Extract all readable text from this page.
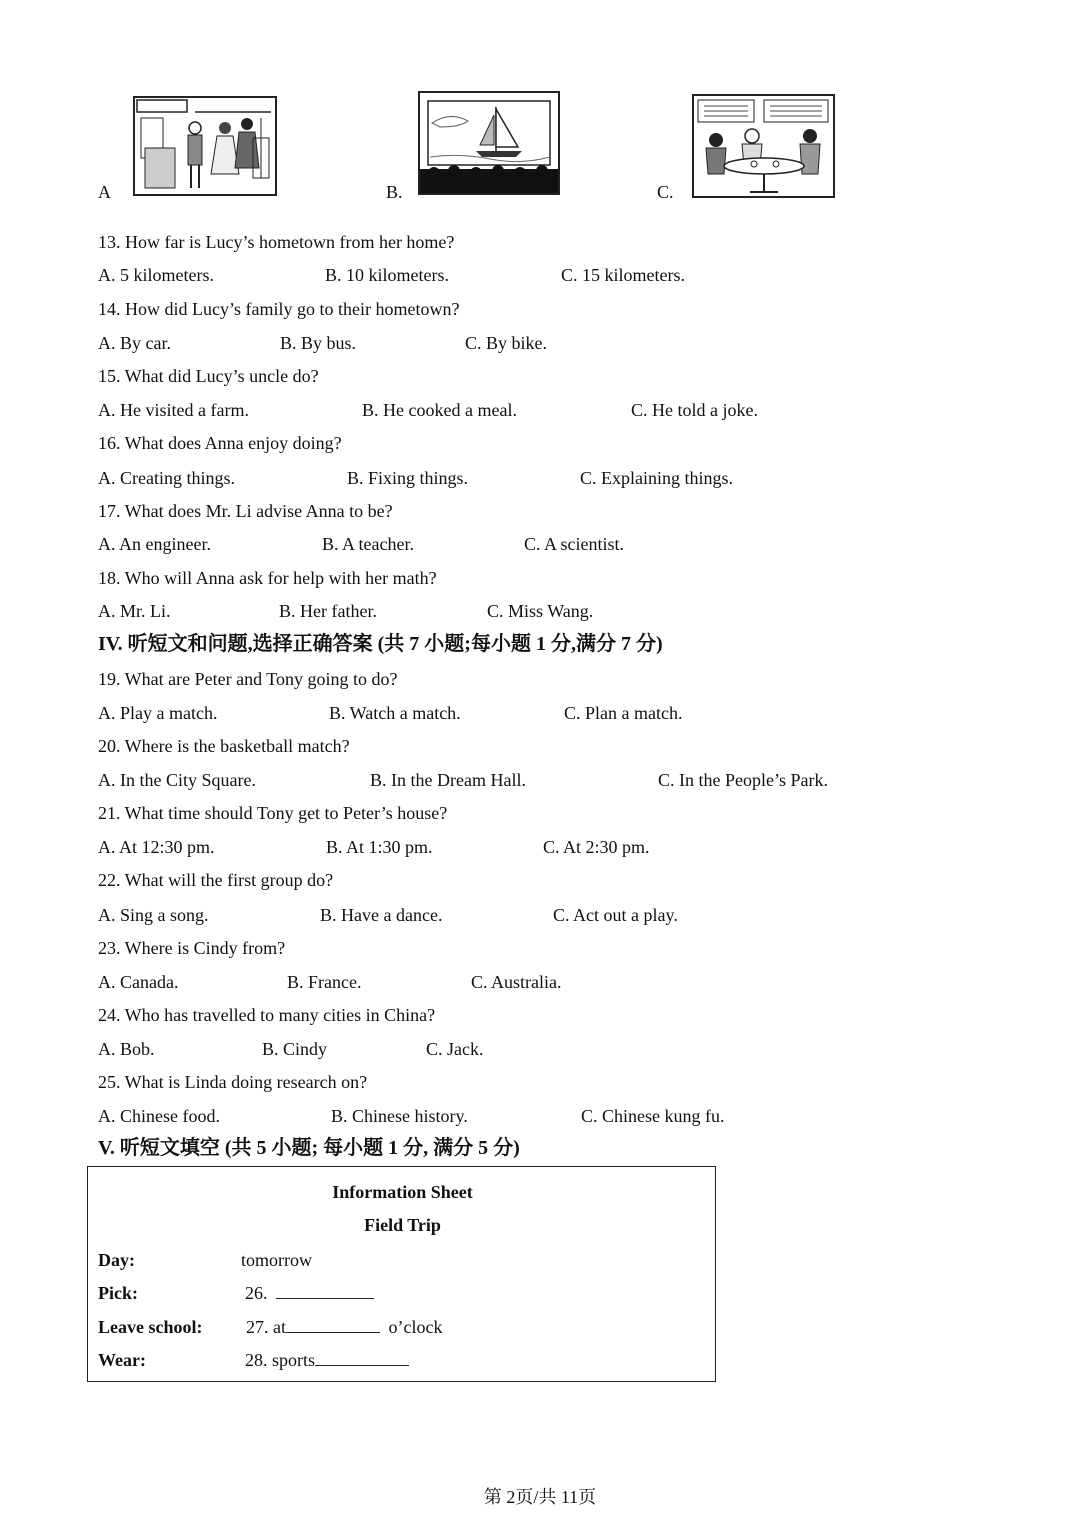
A	B.	C.
13. How far is Lucy’s hometown from her home?
A. 5 kilometers.	B. 10 kilometers.	C. 15 kilometers.
14. How did Lucy’s family go to their hometown?
A. By car.	B. By bus.	C. By bike.
15. What did Lucy’s uncle do?
A. He visited a farm.	B. He cooked a meal.	C. He told a joke.
16. What does Anna enjoy doing?
A. Creating things.	B. Fixing things.	C. Explaining things.
17. What does Mr. Li advise Anna to be?
A. An engineer.	B. A teacher.	C. A scientist.
18. Who will Anna ask for help with her math?
A. Mr. Li.	B. Her father.	C. Miss Wang.
IV. 听短文和问题,选择正确答案 (共 7 小题;每小题 1 分,满分 7 分)
19. What are Peter and Tony going to do?
A. Play a match.	B. Watch a match.	C. Plan a match.
20. Where is the basketball match?
A. In the City Square.	B. In the Dream Hall.	C. In the People’s Park.
21. What time should Tony get to Peter’s house?
A. At 12:30 pm.	B. At 1:30 pm.	C. At 2:30 pm.
22. What will the first group do?
A. Sing a song.	B. Have a dance.	C. Act out a play.
23. Where is Cindy from?
A. Canada.	B. France.	C. Australia.
24. Who has travelled to many cities in China?
A. Bob.	B. Cindy	C. Jack.
25. What is Linda doing research on?
A. Chinese food.	B. Chinese history.	C. Chinese kung fu.
V. 听短文填空 (共 5 小题; 每小题 1 分, 满分 5 分)
Information Sheet
Field Trip
Day:	tomorrow
Pick:	26.
Leave school: 27. at	o’clock
Wear:	28. sports
第 2页/共 11页
